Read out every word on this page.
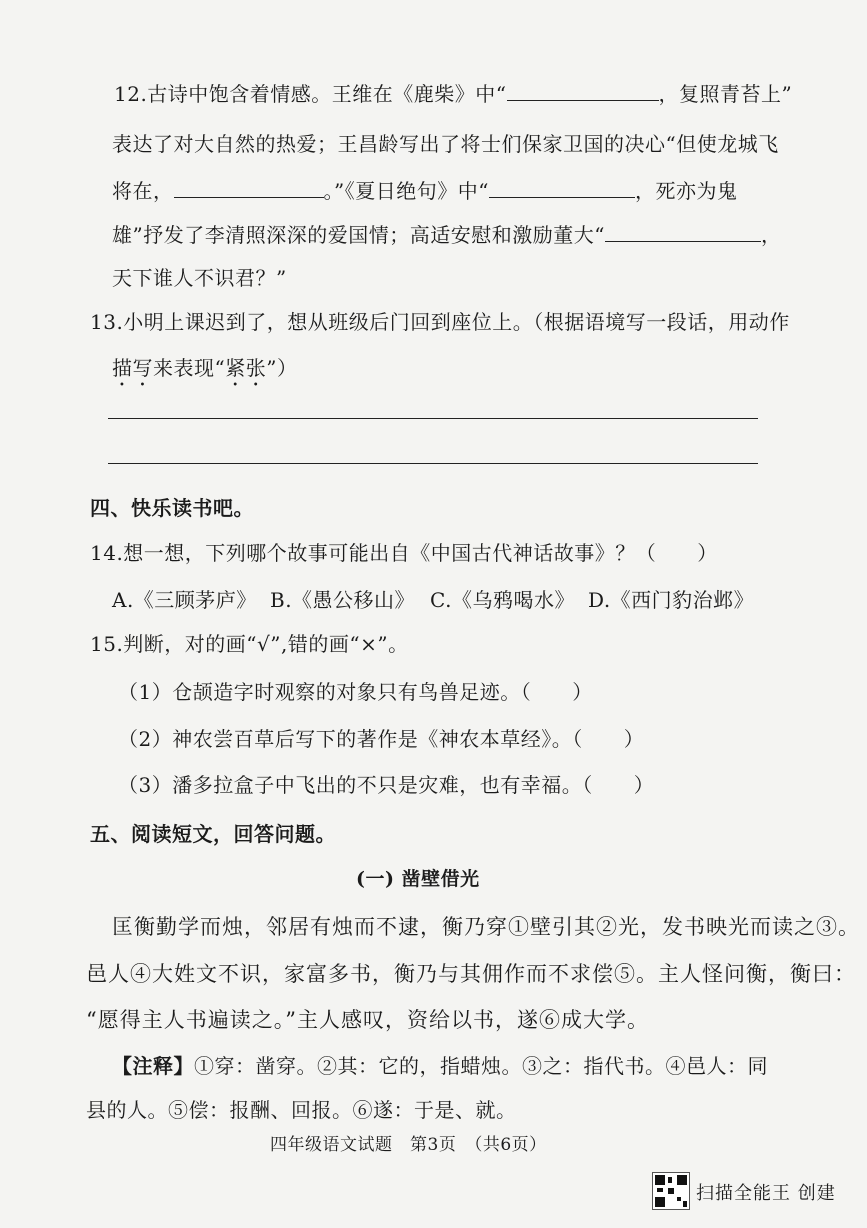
12.古诗中饱含着情感。王维在《鹿柴》中“	，复照青苔上”
表达了对大自然的热爱；王昌龄写出了将士们保家卫国的决心“但使龙城飞
将在，	。”《夏日绝句》中“	，死亦为鬼
雄”抒发了李清照深深的爱国情；高适安慰和激励董大“	，
天下谁人不识君？”
13.小明上课迟到了，想从班级后门回到座位上。（根据语境写一段话，用动作
描写来表现“紧张”）
四、快乐读书吧。
14.想一想，下列哪个故事可能出自《中国古代神话故事》？（　　）
A.《三顾茅庐》 B.《愚公移山》 C.《乌鸦喝水》 D.《西门豹治邺》
15.判断，对的画“√”,错的画“×”。
（1）仓颉造字时观察的对象只有鸟兽足迹。（　　）
（2）神农尝百草后写下的著作是《神农本草经》。（　　）
（3）潘多拉盒子中飞出的不只是灾难，也有幸福。（　　）
五、阅读短文，回答问题。
(一) 凿壁借光
匡衡勤学而烛，邻居有烛而不逮，衡乃穿①壁引其②光，发书映光而读之③。
邑人④大姓文不识，家富多书，衡乃与其佣作而不求偿⑤。主人怪问衡，衡曰：
“愿得主人书遍读之。”主人感叹，资给以书，遂⑥成大学。
【注释】①穿：凿穿。②其：它的，指蜡烛。③之：指代书。④邑人：同
县的人。⑤偿：报酬、回报。⑥遂：于是、就。
四年级语文试题　第3页　（共6页）
扫描全能王 创建
